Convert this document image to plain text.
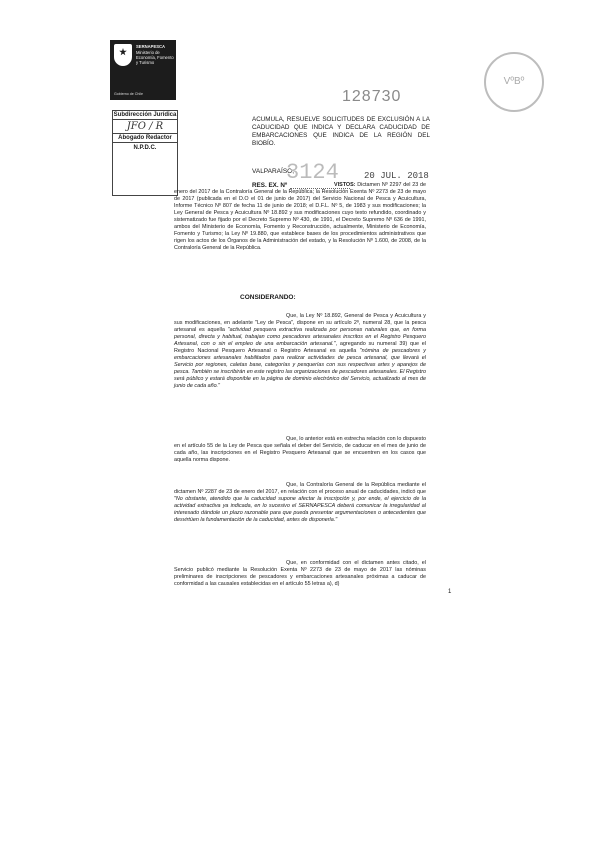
SERNAPESCA
Ministerio de
Economía, Fomento y Turismo
Gobierno de Chile
Subdirección Jurídica
JFO / R
Abogado Redactor
N.P.D.C.
VºBº
128730
ACUMULA, RESUELVE SOLICITUDES DE EXCLUSIÓN A LA CADUCIDAD QUE INDICA Y DECLARA CADUCIDAD DE EMBARCACIONES QUE INDICA DE LA REGIÓN DEL BIOBÍO.
VALPARAÍSO,
3124	20 JUL. 2018
RES. EX. Nº	VISTOS: Dictamen Nº 2297 del 23 de enero del 2017 de la Contraloría General de la República; la Resolución Exenta Nº 2273 de 23 de mayo de 2017 (publicada en el D.O el 01 de junio de 2017) del Servicio Nacional de Pesca y Acuicultura, Informe Técnico Nº 807 de fecha 11 de junio de 2018; el D.F.L. Nº 5, de 1983 y sus modificaciones; la Ley General de Pesca y Acuicultura Nº 18.892 y sus modificaciones cuyo texto refundido, coordinado y sistematizado fue fijado por el Decreto Supremo Nº 430, de 1991, el Decreto Supremo Nº 636 de 1991, ambos del Ministerio de Economía, Fomento y Reconstrucción, actualmente, Ministerio de Economía, Fomento y Turismo; la Ley Nº 19.880, que establece bases de los procedimientos administrativos que rigen los actos de los Órganos de la Administración del estado, y la Resolución Nº 1.600, de 2008, de la Contraloría General de la República.
CONSIDERANDO:
Que, la Ley Nº 18.892, General de Pesca y Acuicultura y sus modificaciones, en adelante "Ley de Pesca", dispone en su artículo 2º, numeral 28, que la pesca artesanal es aquella "actividad pesquera extractiva realizada por personas naturales que, en forma personal, directa y habitual, trabajan como pescadores artesanales inscritos en el Registro Pesquero Artesanal, con o sin el empleo de una embarcación artesanal.", agregando su numeral 39) que el Registro Nacional Pesquero Artesanal o Registro Artesanal es aquella "nómina de pescadores y embarcaciones artesanales habilitados para realizar actividades de pesca artesanal, que llevará el Servicio por regiones, caletas base, categorías y pesquerías con sus respectivas artes y aparejos de pesca. También se inscribirán en este registro las organizaciones de pescadores artesanales. El Registro será público y estará disponible en la página de dominio electrónico del Servicio, actualizado al mes de junio de cada año."
Que, lo anterior está en estrecha relación con lo dispuesto en el artículo 55 de la Ley de Pesca que señala el deber del Servicio, de caducar en el mes de junio de cada año, las inscripciones en el Registro Pesquero Artesanal que se encuentren en los casos que aquella norma dispone.
Que, la Contraloría General de la República mediante el dictamen Nº 2287 de 23 de enero del 2017, en relación con el proceso anual de caducidades, indicó que "No obstante, atendido que la caducidad supone afectar la inscripción y, por ende, el ejercicio de la actividad extractiva ya indicada, en lo sucesivo el SERNAPESCA deberá comunicar la irregularidad al interesado dándole un plazo razonable para que pueda presentar argumentaciones o antecedentes que desvirtúen la fundamentación de la caducidad, antes de disponerla."
Que, en conformidad con el dictamen antes citado, el Servicio publicó mediante la Resolución Exenta Nº 2273 de 23 de mayo de 2017 las nóminas preliminares de inscripciones de pescadores y embarcaciones artesanales próximas a caducar de conformidad a las causales establecidas en el artículo 55 letras a), d)
1
